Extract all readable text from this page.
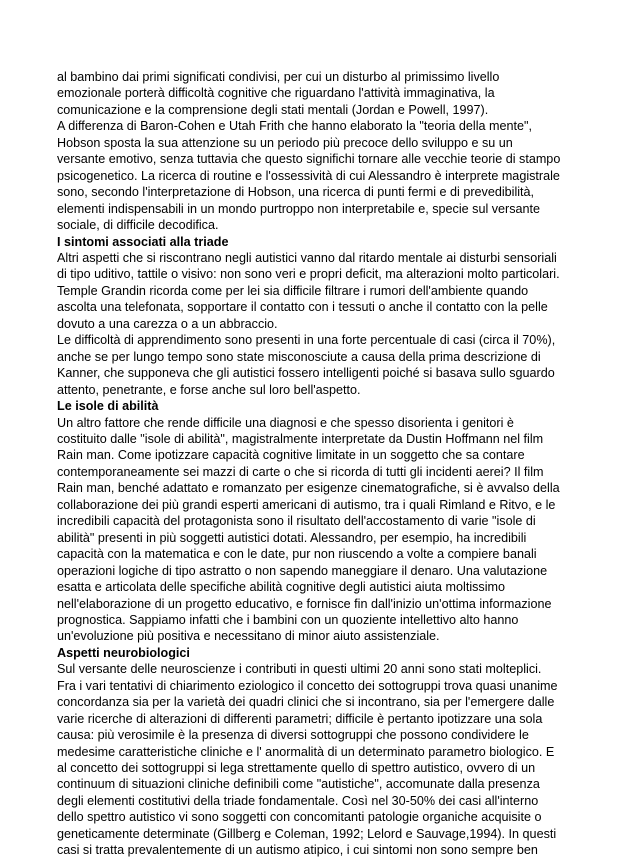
al bambino dai primi significati condivisi, per cui un disturbo al primissimo livello
emozionale porterà difficoltà cognitive che riguardano l'attività immaginativa, la
comunicazione e la comprensione degli stati mentali (Jordan e Powell, 1997).
A differenza di Baron-Cohen e Utah Frith che hanno elaborato la "teoria della mente",
Hobson sposta la sua attenzione su un periodo più precoce dello sviluppo e su un
versante emotivo, senza tuttavia che questo significhi tornare alle vecchie teorie di stampo
psicogenetico. La ricerca di routine e l'ossessività di cui Alessandro è interprete magistrale
sono, secondo l'interpretazione di Hobson, una ricerca di punti fermi e di prevedibilità,
elementi indispensabili in un mondo purtroppo non interpretabile e, specie sul versante
sociale, di difficile decodifica.
I sintomi associati alla triade
Altri aspetti che si riscontrano negli autistici vanno dal ritardo mentale ai disturbi sensoriali
di tipo uditivo, tattile o visivo: non sono veri e propri deficit, ma alterazioni molto particolari.
Temple Grandin ricorda come per lei sia difficile filtrare i rumori dell'ambiente quando
ascolta una telefonata, sopportare il contatto con i tessuti o anche il contatto con la pelle
dovuto a una carezza o a un abbraccio.
Le difficoltà di apprendimento sono presenti in una forte percentuale di casi (circa il 70%),
anche se per lungo tempo sono state misconosciute a causa della prima descrizione di
Kanner, che supponeva che gli autistici fossero intelligenti poiché si basava sullo sguardo
attento, penetrante, e forse anche sul loro bell'aspetto.
Le isole di abilità
Un altro fattore che rende difficile una diagnosi e che spesso disorienta i genitori è
costituito dalle "isole di abilità", magistralmente interpretate da Dustin Hoffmann nel film
Rain man. Come ipotizzare capacità cognitive limitate in un soggetto che sa contare
contemporaneamente sei mazzi di carte o che si ricorda di tutti gli incidenti aerei? Il film
Rain man, benché adattato e romanzato per esigenze cinematografiche, si è avvalso della
collaborazione dei più grandi esperti americani di autismo, tra i quali Rimland e Ritvo, e le
incredibili capacità del protagonista sono il risultato dell'accostamento di varie "isole di
abilità" presenti in più soggetti autistici dotati. Alessandro, per esempio, ha incredibili
capacità con la matematica e con le date, pur non riuscendo a volte a compiere banali
operazioni logiche di tipo astratto o non sapendo maneggiare il denaro. Una valutazione
esatta e articolata delle specifiche abilità cognitive degli autistici aiuta moltissimo
nell'elaborazione di un progetto educativo, e fornisce fin dall'inizio un'ottima informazione
prognostica. Sappiamo infatti che i bambini con un quoziente intellettivo alto hanno
un'evoluzione più positiva e necessitano di minor aiuto assistenziale.
Aspetti neurobiologici
Sul versante delle neuroscienze i contributi in questi ultimi 20 anni sono stati molteplici.
Fra i vari tentativi di chiarimento eziologico il concetto dei sottogruppi trova quasi unanime
concordanza sia per la varietà dei quadri clinici che si incontrano, sia per l'emergere dalle
varie ricerche di alterazioni di differenti parametri; difficile è pertanto ipotizzare una sola
causa: più verosimile è la presenza di diversi sottogruppi che possono condividere le
medesime caratteristiche cliniche e l' anormalità di un determinato parametro biologico. E
al concetto dei sottogruppi si lega strettamente quello di spettro autistico, ovvero di un
continuum di situazioni cliniche definibili come "autistiche", accomunate dalla presenza
degli elementi costitutivi della triade fondamentale. Così nel 30-50% dei casi all'interno
dello spettro autistico vi sono soggetti con concomitanti patologie organiche acquisite o
geneticamente determinate (Gillberg e Coleman, 1992; Lelord e Sauvage,1994). In questi
casi si tratta prevalentemente di un autismo atipico, i cui sintomi non sono sempre ben
